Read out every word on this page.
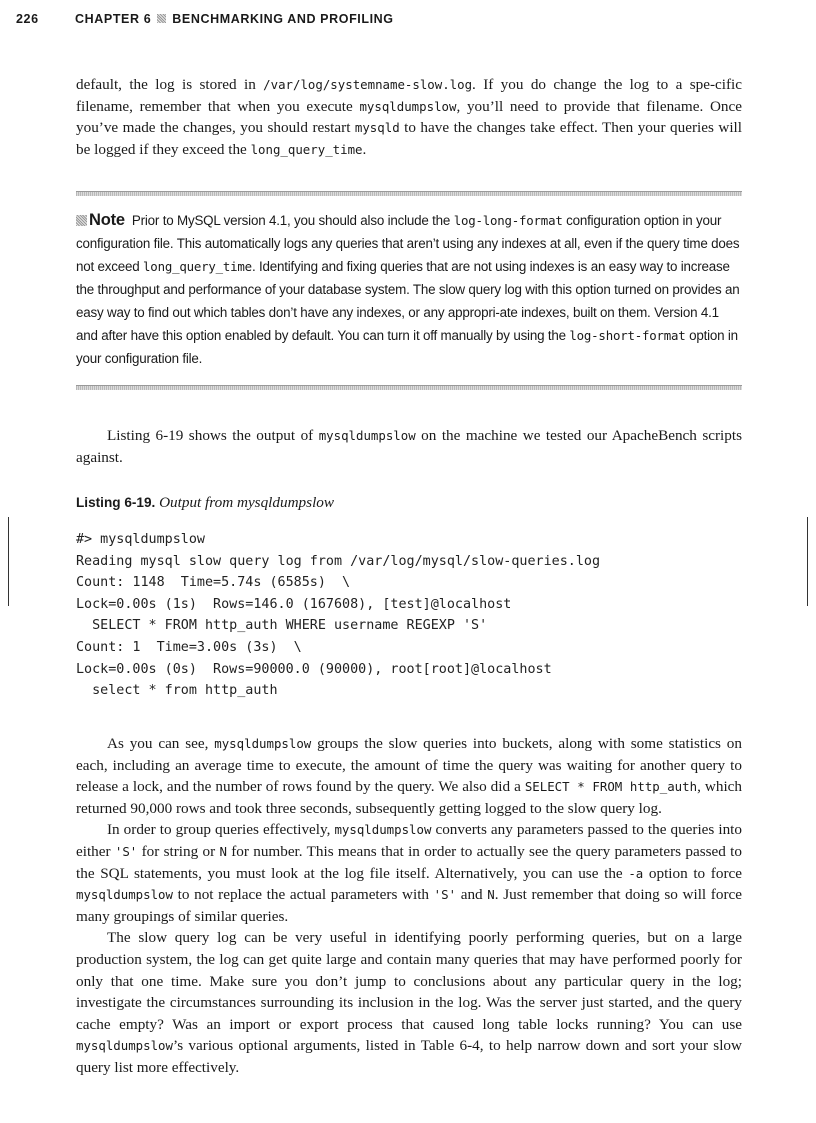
226	CHAPTER 6 BENCHMARKING AND PROFILING

default, the log is stored in /var/log/systemname-slow.log. If you do change the log to a spe-cific filename, remember that when you execute mysqldumpslow, you’ll need to provide that filename. Once you’ve made the changes, you should restart mysqld to have the changes take effect. Then your queries will be logged if they exceed the long_query_time.

Note Prior to MySQL version 4.1, you should also include the log-long-format configuration option in your configuration file. This automatically logs any queries that aren’t using any indexes at all, even if the query time does not exceed long_query_time. Identifying and fixing queries that are not using indexes is an easy way to increase the throughput and performance of your database system. The slow query log with this option turned on provides an easy way to find out which tables don’t have any indexes, or any appropri-ate indexes, built on them. Version 4.1 and after have this option enabled by default. You can turn it off manually by using the log-short-format option in your configuration file.

Listing 6-19 shows the output of mysqldumpslow on the machine we tested our ApacheBench scripts against.

Listing 6-19. Output from mysqldumpslow
#> mysqldumpslow
Reading mysql slow query log from /var/log/mysql/slow-queries.log
Count: 1148  Time=5.74s (6585s)  \
Lock=0.00s (1s)  Rows=146.0 (167608), [test]@localhost
SELECT * FROM http_auth WHERE username REGEXP 'S'
Count: 1  Time=3.00s (3s)  \
Lock=0.00s (0s)  Rows=90000.0 (90000), root[root]@localhost
select * from http_auth

As you can see, mysqldumpslow groups the slow queries into buckets, along with some statistics on each, including an average time to execute, the amount of time the query was waiting for another query to release a lock, and the number of rows found by the query. We also did a SELECT * FROM http_auth, which returned 90,000 rows and took three seconds, subsequently getting logged to the slow query log.

In order to group queries effectively, mysqldumpslow converts any parameters passed to the queries into either 'S' for string or N for number. This means that in order to actually see the query parameters passed to the SQL statements, you must look at the log file itself. Alternatively, you can use the -a option to force mysqldumpslow to not replace the actual parameters with 'S' and N. Just remember that doing so will force many groupings of similar queries.

The slow query log can be very useful in identifying poorly performing queries, but on a large production system, the log can get quite large and contain many queries that may have performed poorly for only that one time. Make sure you don’t jump to conclusions about any particular query in the log; investigate the circumstances surrounding its inclusion in the log. Was the server just started, and the query cache empty? Was an import or export process that caused long table locks running? You can use mysqldumpslow’s various optional arguments, listed in Table 6-4, to help narrow down and sort your slow query list more effectively.
